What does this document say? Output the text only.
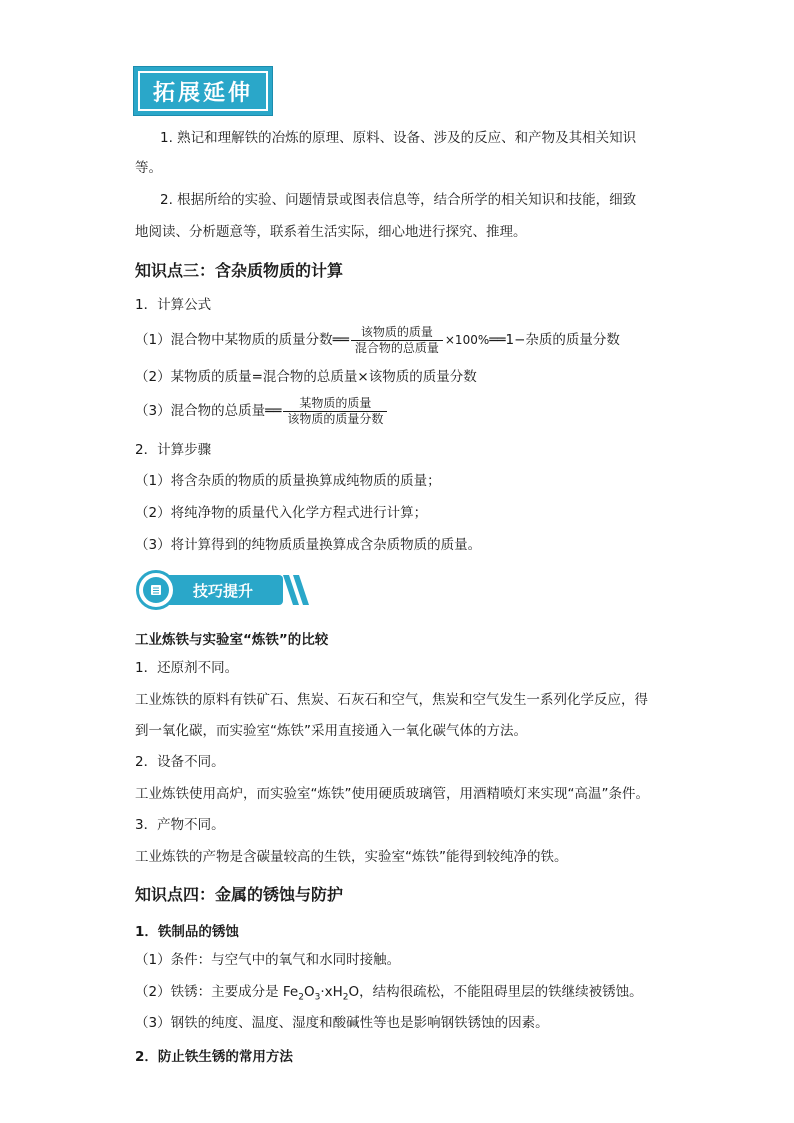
拓展延伸
1. 熟记和理解铁的冶炼的原理、原料、设备、涉及的反应、和产物及其相关知识
等。
2. 根据所给的实验、问题情景或图表信息等，结合所学的相关知识和技能，细致
地阅读、分析题意等，联系着生活实际，细心地进行探究、推理。
知识点三：含杂质物质的计算
1．计算公式
（1）混合物中某物质的质量分数══ $\frac{\text{该物质的质量}}{\text{混合物的总质量}}$ ×100%══1−杂质的质量分数
（2）某物质的质量=混合物的总质量×该物质的质量分数
（3）混合物的总质量══ $\frac{\text{某物质的质量}}{\text{该物质的质量分数}}$
2．计算步骤
（1）将含杂质的物质的质量换算成纯物质的质量；
（2）将纯净物的质量代入化学方程式进行计算；
（3）将计算得到的纯物质质量换算成含杂质物质的质量。
技巧提升
工业炼铁与实验室“炼铁”的比较
1．还原剂不同。
工业炼铁的原料有铁矿石、焦炭、石灰石和空气，焦炭和空气发生一系列化学反应，得
到一氧化碳，而实验室“炼铁”采用直接通入一氧化碳气体的方法。
2．设备不同。
工业炼铁使用高炉，而实验室“炼铁”使用硬质玻璃管，用酒精喷灯来实现“高温”条件。
3．产物不同。
工业炼铁的产物是含碳量较高的生铁，实验室“炼铁”能得到较纯净的铁。
知识点四：金属的锈蚀与防护
1．铁制品的锈蚀
（1）条件：与空气中的氧气和水同时接触。
（2）铁锈：主要成分是 $Fe_2O_3\cdot xH_2O$，结构很疏松，不能阻碍里层的铁继续被锈蚀。
（3）钢铁的纯度、温度、湿度和酸碱性等也是影响钢铁锈蚀的因素。
2．防止铁生锈的常用方法
